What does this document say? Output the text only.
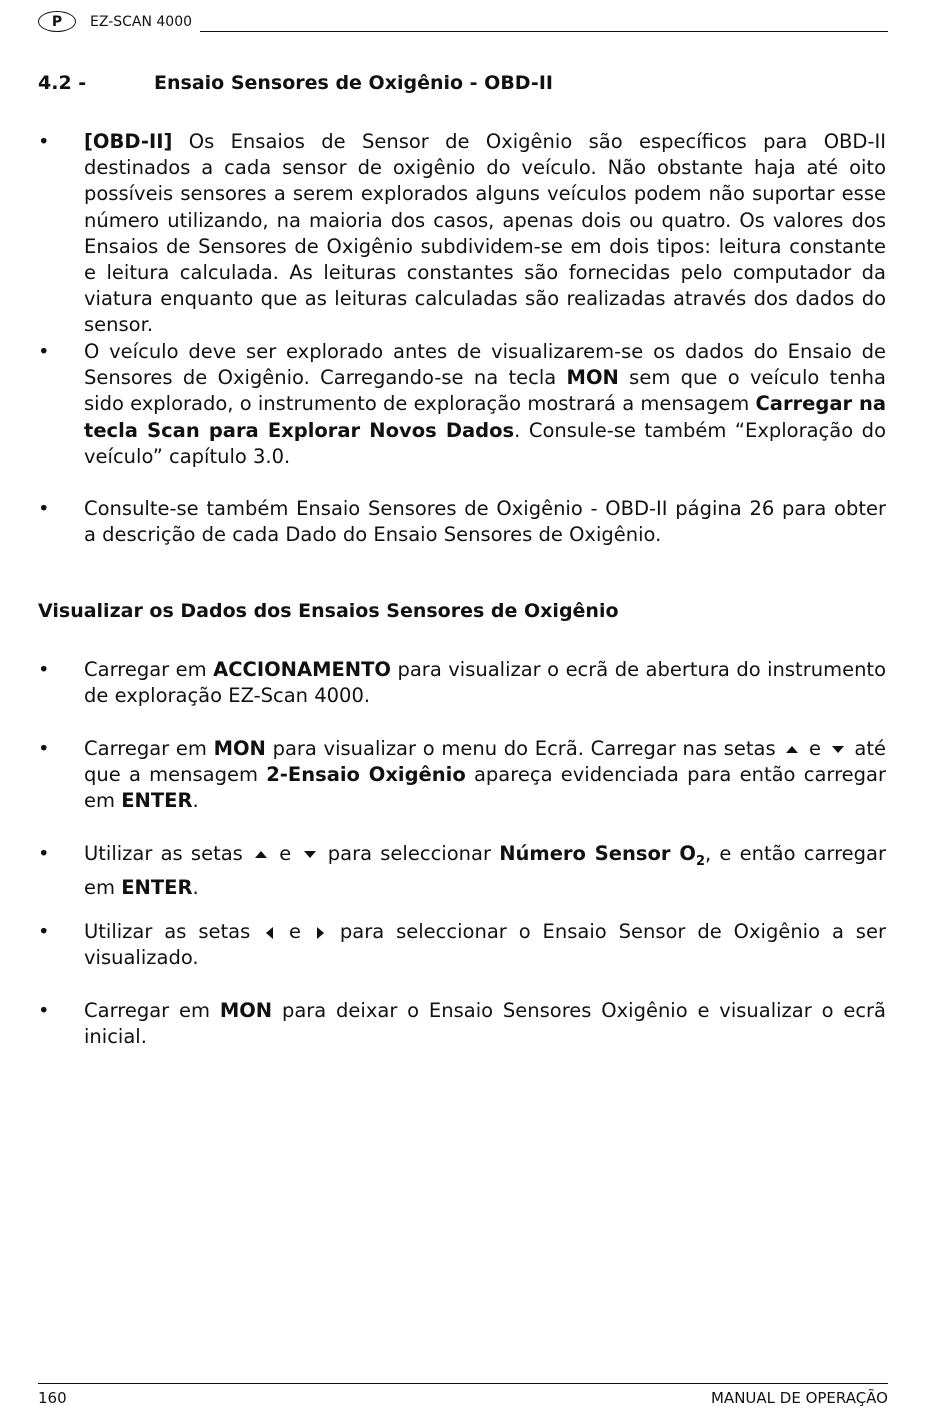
P	EZ-SCAN 4000
4.2 -	Ensaio Sensores de Oxigênio - OBD-II
•	[OBD-II] Os Ensaios de Sensor de Oxigênio são específicos para OBD-II destinados a cada sensor de oxigênio do veículo. Não obstante haja até oito possíveis sensores a serem explorados alguns veículos podem não suportar esse número utilizando, na maioria dos casos, apenas dois ou quatro. Os valores dos Ensaios de Sensores de Oxigênio subdividem-se em dois tipos: leitura constante e leitura calculada. As leituras constantes são fornecidas pelo computador da viatura enquanto que as leituras calculadas são realizadas através dos dados do sensor.
•	O veículo deve ser explorado antes de visualizarem-se os dados do Ensaio de Sensores de Oxigênio. Carregando-se na tecla MON sem que o veículo tenha sido explorado, o instrumento de exploração mostrará a mensagem Carregar na tecla Scan para Explorar Novos Dados. Consule-se também “Exploração do veículo” capítulo 3.0.
•	Consulte-se também Ensaio Sensores de Oxigênio - OBD-II página 26 para obter a descrição de cada Dado do Ensaio Sensores de Oxigênio.
Visualizar os Dados dos Ensaios Sensores de Oxigênio
•	Carregar em ACCIONAMENTO para visualizar o ecrã de abertura do instrumento de exploração EZ-Scan 4000.
•	Carregar em MON para visualizar o menu do Ecrã. Carregar nas setas  e  até que a mensagem 2-Ensaio Oxigênio apareça evidenciada para então carregar em ENTER.
•	Utilizar as setas  e  para seleccionar Número Sensor $O_2$, e então carregar em ENTER.
•	Utilizar as setas  e  para seleccionar o Ensaio Sensor de Oxigênio a ser visualizado.
•	Carregar em MON para deixar o Ensaio Sensores Oxigênio e visualizar o ecrã inicial.
160	MANUAL DE OPERAÇÃO
